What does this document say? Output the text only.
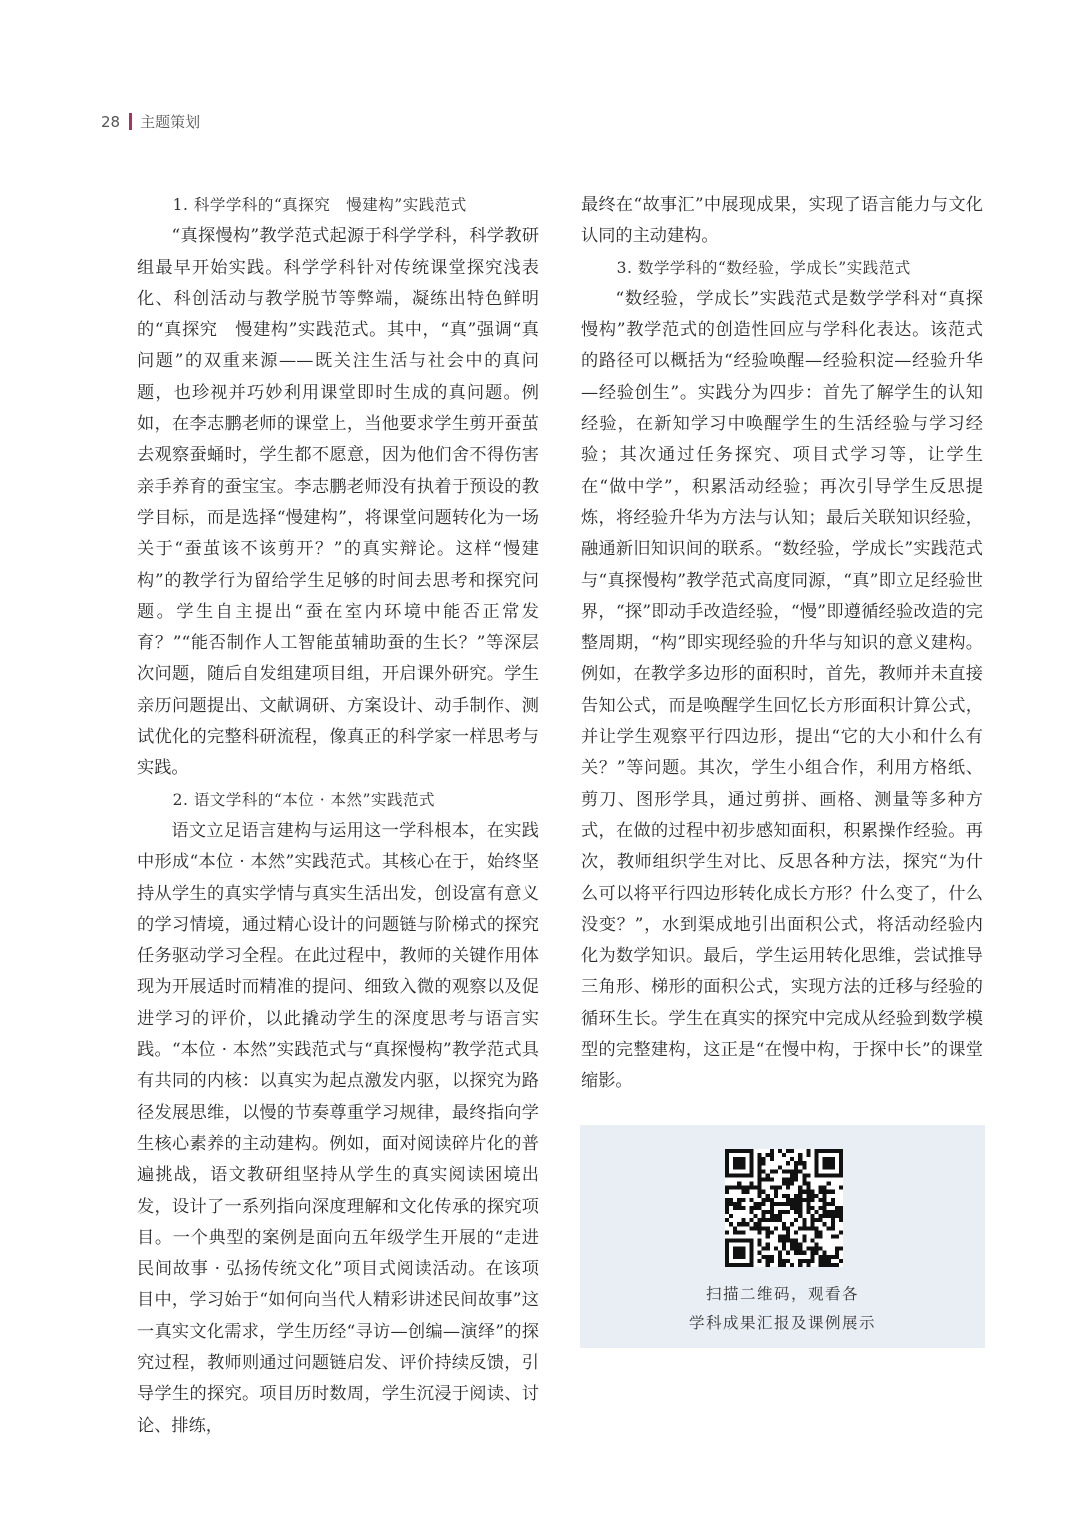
28 主题策划
1. 科学学科的“真探究　慢建构”实践范式

“真探慢构”教学范式起源于科学学科，科学教研组最早开始实践。科学学科针对传统课堂探究浅表化、科创活动与教学脱节等弊端，凝练出特色鲜明的“真探究　慢建构”实践范式。其中，“真”强调“真问题”的双重来源——既关注生活与社会中的真问题，也珍视并巧妙利用课堂即时生成的真问题。例如，在李志鹏老师的课堂上，当他要求学生剪开蚕茧去观察蚕蛹时，学生都不愿意，因为他们舍不得伤害亲手养育的蚕宝宝。李志鹏老师没有执着于预设的教学目标，而是选择“慢建构”，将课堂问题转化为一场关于“蚕茧该不该剪开？”的真实辩论。这样“慢建构”的教学行为留给学生足够的时间去思考和探究问题。学生自主提出“蚕在室内环境中能否正常发育？”“能否制作人工智能茧辅助蚕的生长？”等深层次问题，随后自发组建项目组，开启课外研究。学生亲历问题提出、文献调研、方案设计、动手制作、测试优化的完整科研流程，像真正的科学家一样思考与实践。

2. 语文学科的“本位 · 本然”实践范式

语文立足语言建构与运用这一学科根本，在实践中形成“本位 · 本然”实践范式。其核心在于，始终坚持从学生的真实学情与真实生活出发，创设富有意义的学习情境，通过精心设计的问题链与阶梯式的探究任务驱动学习全程。在此过程中，教师的关键作用体现为开展适时而精准的提问、细致入微的观察以及促进学习的评价，以此撬动学生的深度思考与语言实践。“本位 · 本然”实践范式与“真探慢构”教学范式具有共同的内核：以真实为起点激发内驱，以探究为路径发展思维，以慢的节奏尊重学习规律，最终指向学生核心素养的主动建构。例如，面对阅读碎片化的普遍挑战，语文教研组坚持从学生的真实阅读困境出发，设计了一系列指向深度理解和文化传承的探究项目。一个典型的案例是面向五年级学生开展的“走进民间故事 · 弘扬传统文化”项目式阅读活动。在该项目中，学习始于“如何向当代人精彩讲述民间故事”这一真实文化需求，学生历经“寻访—创编—演绎”的探究过程，教师则通过问题链启发、评价持续反馈，引导学生的探究。项目历时数周，学生沉浸于阅读、讨论、排练，

最终在“故事汇”中展现成果，实现了语言能力与文化认同的主动建构。

3. 数学学科的“数经验，学成长”实践范式

“数经验，学成长”实践范式是数学学科对“真探慢构”教学范式的创造性回应与学科化表达。该范式的路径可以概括为“经验唤醒—经验积淀—经验升华—经验创生”。实践分为四步：首先了解学生的认知经验，在新知学习中唤醒学生的生活经验与学习经验；其次通过任务探究、项目式学习等，让学生在“做中学”，积累活动经验；再次引导学生反思提炼，将经验升华为方法与认知；最后关联知识经验，融通新旧知识间的联系。“数经验，学成长”实践范式与“真探慢构”教学范式高度同源，“真”即立足经验世界，“探”即动手改造经验，“慢”即遵循经验改造的完整周期，“构”即实现经验的升华与知识的意义建构。例如，在教学多边形的面积时，首先，教师并未直接告知公式，而是唤醒学生回忆长方形面积计算公式，并让学生观察平行四边形，提出“它的大小和什么有关？”等问题。其次，学生小组合作，利用方格纸、剪刀、图形学具，通过剪拼、画格、测量等多种方式，在做的过程中初步感知面积，积累操作经验。再次，教师组织学生对比、反思各种方法，探究“为什么可以将平行四边形转化成长方形？什么变了，什么没变？”，水到渠成地引出面积公式，将活动经验内化为数学知识。最后，学生运用转化思维，尝试推导三角形、梯形的面积公式，实现方法的迁移与经验的循环生长。学生在真实的探究中完成从经验到数学模型的完整建构，这正是“在慢中构，于探中长”的课堂缩影。

扫描二维码，观看各
学科成果汇报及课例展示
